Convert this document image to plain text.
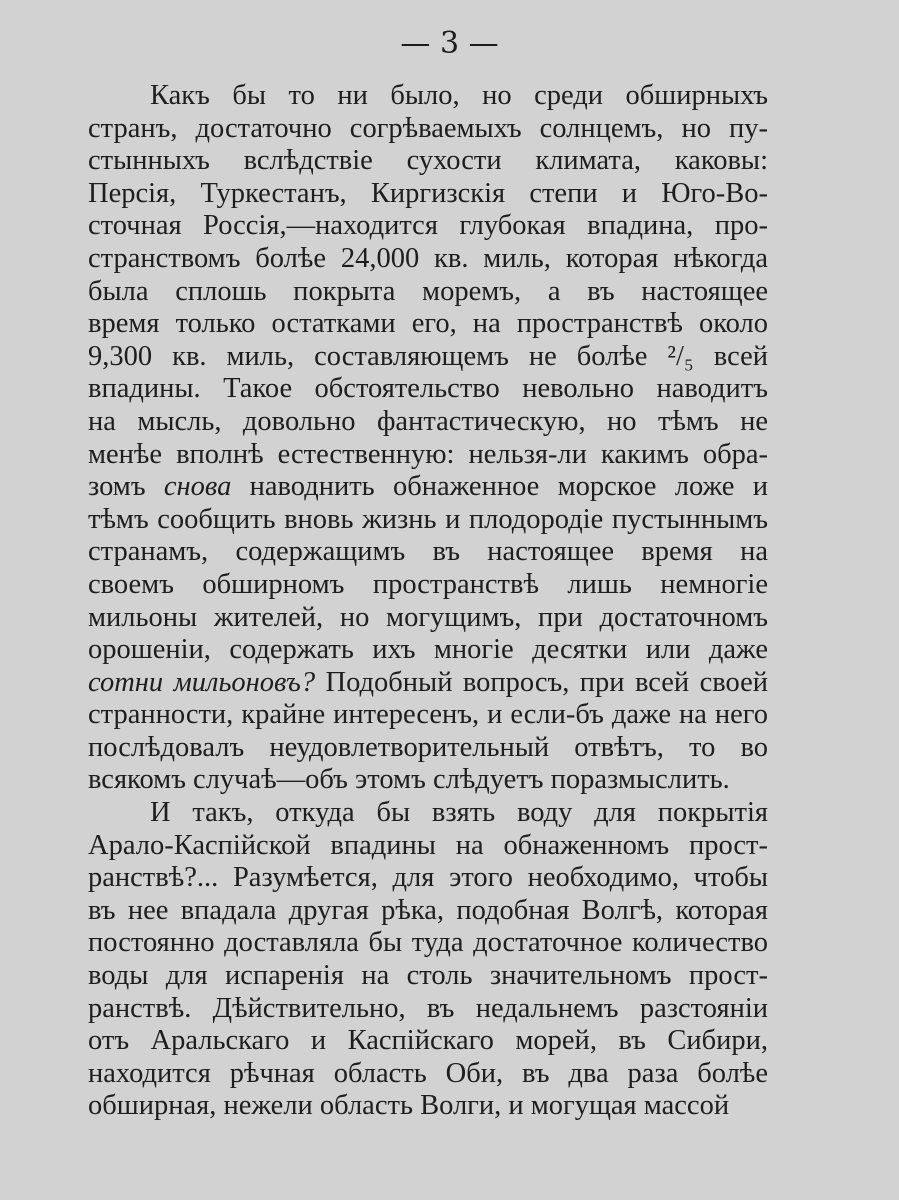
— 3 —
Какъ бы то ни было, но среди обширныхъ
странъ, достаточно согрѣваемыхъ солнцемъ, но пу-
стынныхъ вслѣдствіе сухости климата, каковы:
Персія, Туркестанъ, Киргизскія степи и Юго-Во-
сточная Россія,—находится глубокая впадина, про-
странствомъ болѣе 24,000 кв. миль, которая нѣкогда
была сплошь покрыта моремъ, а въ настоящее
время только остатками его, на пространствѣ около
9,300 кв. миль, составляющемъ не болѣе ²/₅ всей
впадины. Такое обстоятельство невольно наводитъ
на мысль, довольно фантастическую, но тѣмъ не
менѣе вполнѣ естественную: нельзя-ли какимъ обра-
зомъ снова наводнить обнаженное морское ложе и
тѣмъ сообщить вновь жизнь и плодородіе пустыннымъ
странамъ, содержащимъ въ настоящее время на
своемъ обширномъ пространствѣ лишь немногіе
мильоны жителей, но могущимъ, при достаточномъ
орошеніи, содержать ихъ многіе десятки или даже
сотни мильоновъ? Подобный вопросъ, при всей своей
странности, крайне интересенъ, и если-бъ даже на него
послѣдовалъ неудовлетворительный отвѣтъ, то во
всякомъ случаѣ—объ этомъ слѣдуетъ поразмыслить.
И такъ, откуда бы взять воду для покрытія
Арало-Каспійской впадины на обнаженномъ прост-
ранствѣ?... Разумѣется, для этого необходимо, чтобы
въ нее впадала другая рѣка, подобная Волгѣ, которая
постоянно доставляла бы туда достаточное количество
воды для испаренія на столь значительномъ прост-
ранствѣ. Дѣйствительно, въ недальнемъ разстояніи
отъ Аральскаго и Каспійскаго морей, въ Сибири,
находится рѣчная область Оби, въ два раза болѣе
обширная, нежели область Волги, и могущая массой
